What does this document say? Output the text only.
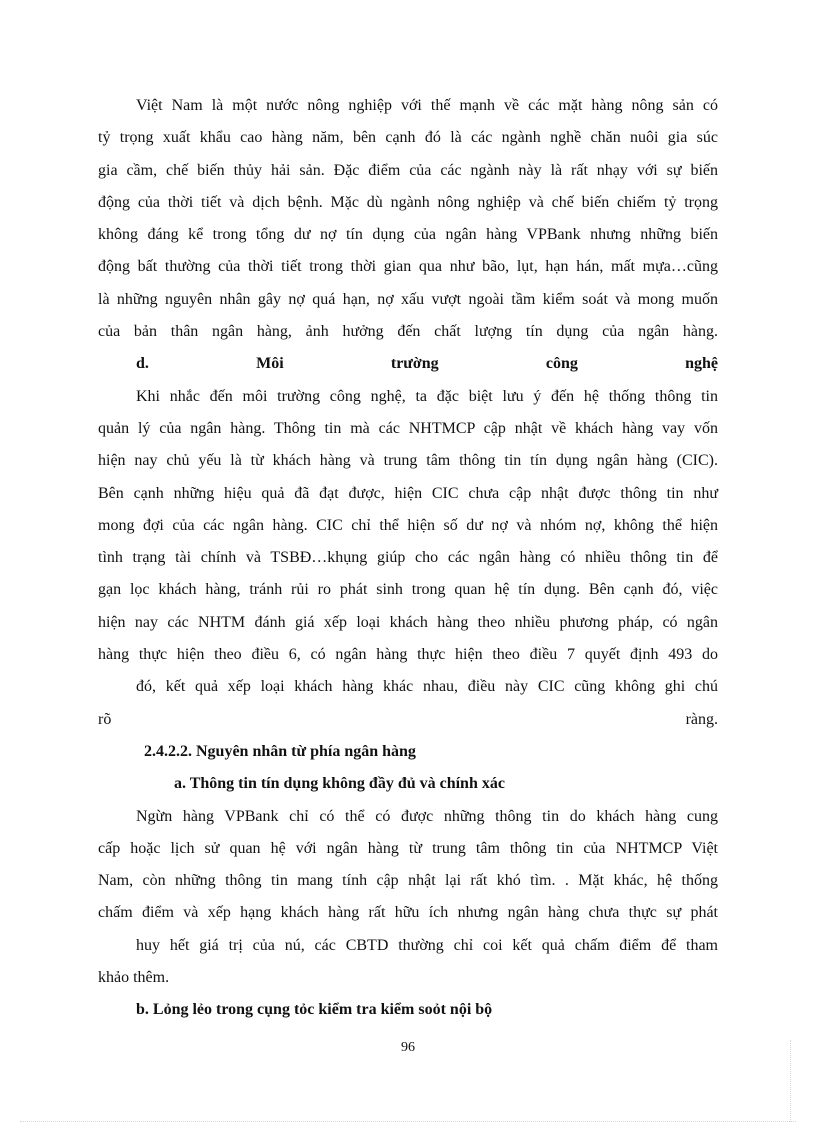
Việt Nam là một nước nông nghiệp với thế mạnh về các mặt hàng nông sản có
tỷ trọng xuất khẩu cao hàng năm, bên cạnh đó là các ngành nghề chăn nuôi gia súc
gia cầm, chế biến thủy hải sản. Đặc điểm của các ngành này là rất nhạy với sự biến
động của thời tiết và dịch bệnh. Mặc dù ngành nông nghiệp và chế biến chiếm tỷ trọng
không đáng kể trong tổng dư nợ tín dụng của ngân hàng VPBank nhưng những biến
động bất thường của thời tiết trong thời gian qua như bão, lụt, hạn hán, mất mựa…cũng
là những nguyên nhân gây nợ quá hạn, nợ xấu vượt ngoài tầm kiểm soát và mong muốn
của bản thân ngân hàng, ảnh hưởng đến chất lượng tín dụng của ngân hàng.

d.	Môi	trường	công	nghệ

Khi nhắc đến môi trường công nghệ, ta đặc biệt lưu ý đến hệ thống thông tin
quản lý của ngân hàng. Thông tin mà các NHTMCP cập nhật về khách hàng vay vốn
hiện nay chủ yếu là từ khách hàng và trung tâm thông tin tín dụng ngân hàng (CIC).
Bên cạnh những hiệu quả đã đạt được, hiện CIC chưa cập nhật được thông tin như
mong đợi của các ngân hàng. CIC chỉ thể hiện số dư nợ và nhóm nợ, không thể hiện
tình trạng tài chính và TSBĐ…khụng giúp cho các ngân hàng có nhiều thông tin để
gạn lọc khách hàng, tránh rủi ro phát sinh trong quan hệ tín dụng. Bên cạnh đó, việc
hiện nay các NHTM đánh giá xếp loại khách hàng theo nhiều phương pháp, có ngân
hàng thực hiện theo điều 6, có ngân hàng thực hiện theo điều 7 quyết định 493 do
đó, kết quả xếp loại khách hàng khác nhau, điều này CIC cũng không ghi chú
rõ	ràng.

2.4.2.2. Nguyên nhân từ phía ngân hàng
a. Thông tin tín dụng không đầy đủ và chính xác

Ngừn hàng VPBank chỉ có thể có được những thông tin do khách hàng cung
cấp hoặc lịch sử quan hệ với ngân hàng từ trung tâm thông tin của NHTMCP Việt
Nam, còn những thông tin mang tính cập nhật lại rất khó tìm. . Mặt khác, hệ thống
chấm điểm và xếp hạng khách hàng rất hữu ích nhưng ngân hàng chưa thực sự phát
huy hết giá trị của nú, các CBTD thường chỉ coi kết quả chấm điểm để tham
khảo thêm.

b. Lỏng lẻo trong cụng tỏc kiểm tra kiểm soỏt nội bộ
96
